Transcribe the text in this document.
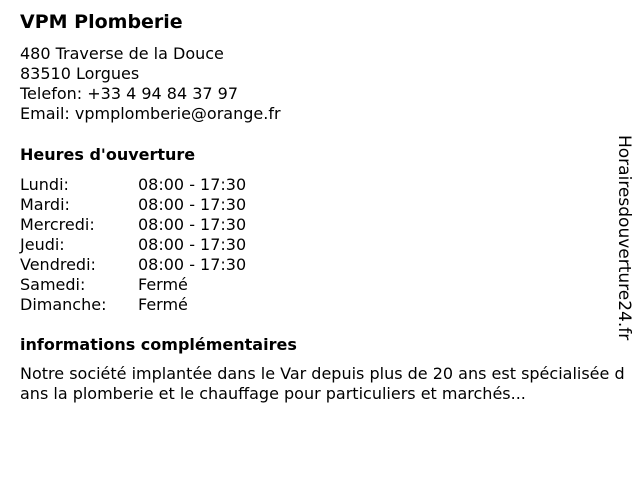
VPM Plomberie
480 Traverse de la Douce
83510 Lorgues
Telefon: +33 4 94 84 37 97
Email: vpmplomberie@orange.fr
Heures d'ouverture
Lundi:	08:00 - 17:30
Mardi:	08:00 - 17:30
Mercredi:	08:00 - 17:30
Jeudi:	08:00 - 17:30
Vendredi:	08:00 - 17:30
Samedi:	Fermé
Dimanche:	Fermé
informations complémentaires

Notre société implantée dans le Var depuis plus de 20 ans est spécialisée dans la plomberie et le chauffage pour particuliers et marchés...

Horairesdouverture24.fr
